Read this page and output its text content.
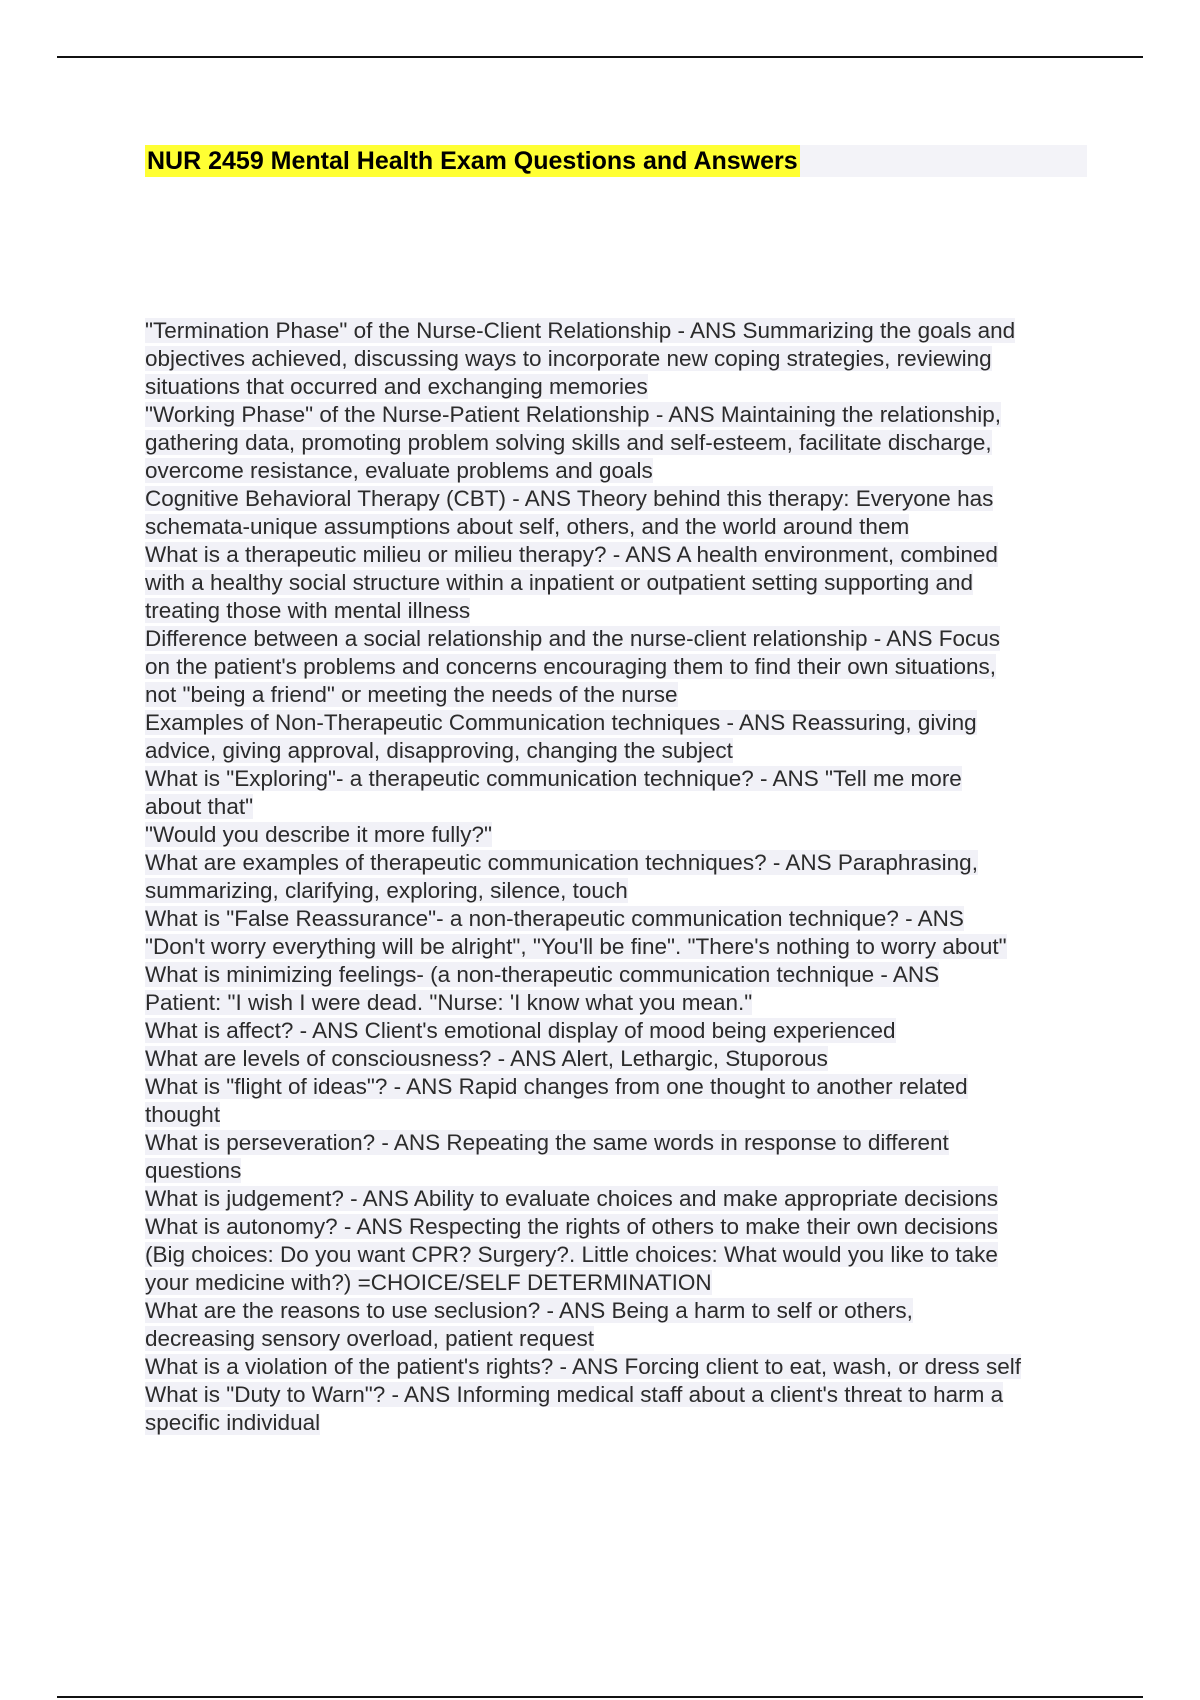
NUR 2459 Mental Health Exam Questions and Answers
"Termination Phase" of the Nurse-Client Relationship - ANS Summarizing the goals and
objectives achieved, discussing ways to incorporate new coping strategies, reviewing
situations that occurred and exchanging memories
"Working Phase" of the Nurse-Patient Relationship - ANS Maintaining the relationship,
gathering data, promoting problem solving skills and self-esteem, facilitate discharge,
overcome resistance, evaluate problems and goals
Cognitive Behavioral Therapy (CBT) - ANS Theory behind this therapy: Everyone has
schemata-unique assumptions about self, others, and the world around them
What is a therapeutic milieu or milieu therapy? - ANS A health environment, combined
with a healthy social structure within a inpatient or outpatient setting supporting and
treating those with mental illness
Difference between a social relationship and the nurse-client relationship - ANS Focus
on the patient's problems and concerns encouraging them to find their own situations,
not "being a friend" or meeting the needs of the nurse
Examples of Non-Therapeutic Communication techniques - ANS Reassuring, giving
advice, giving approval, disapproving, changing the subject
What is "Exploring"- a therapeutic communication technique? - ANS "Tell me more
about that"
"Would you describe it more fully?"
What are examples of therapeutic communication techniques? - ANS Paraphrasing,
summarizing, clarifying, exploring, silence, touch
What is "False Reassurance"- a non-therapeutic communication technique? - ANS
"Don't worry everything will be alright", "You'll be fine". "There's nothing to worry about"
What is minimizing feelings- (a non-therapeutic communication technique - ANS
Patient: "I wish I were dead. "Nurse: 'I know what you mean."
What is affect? - ANS Client's emotional display of mood being experienced
What are levels of consciousness? - ANS Alert, Lethargic, Stuporous
What is "flight of ideas"? - ANS Rapid changes from one thought to another related
thought
What is perseveration? - ANS Repeating the same words in response to different
questions
What is judgement? - ANS Ability to evaluate choices and make appropriate decisions
What is autonomy? - ANS Respecting the rights of others to make their own decisions
(Big choices: Do you want CPR? Surgery?. Little choices: What would you like to take
your medicine with?) =CHOICE/SELF DETERMINATION
What are the reasons to use seclusion? - ANS Being a harm to self or others,
decreasing sensory overload, patient request
What is a violation of the patient's rights? - ANS Forcing client to eat, wash, or dress self
What is "Duty to Warn"? - ANS Informing medical staff about a client's threat to harm a
specific individual
